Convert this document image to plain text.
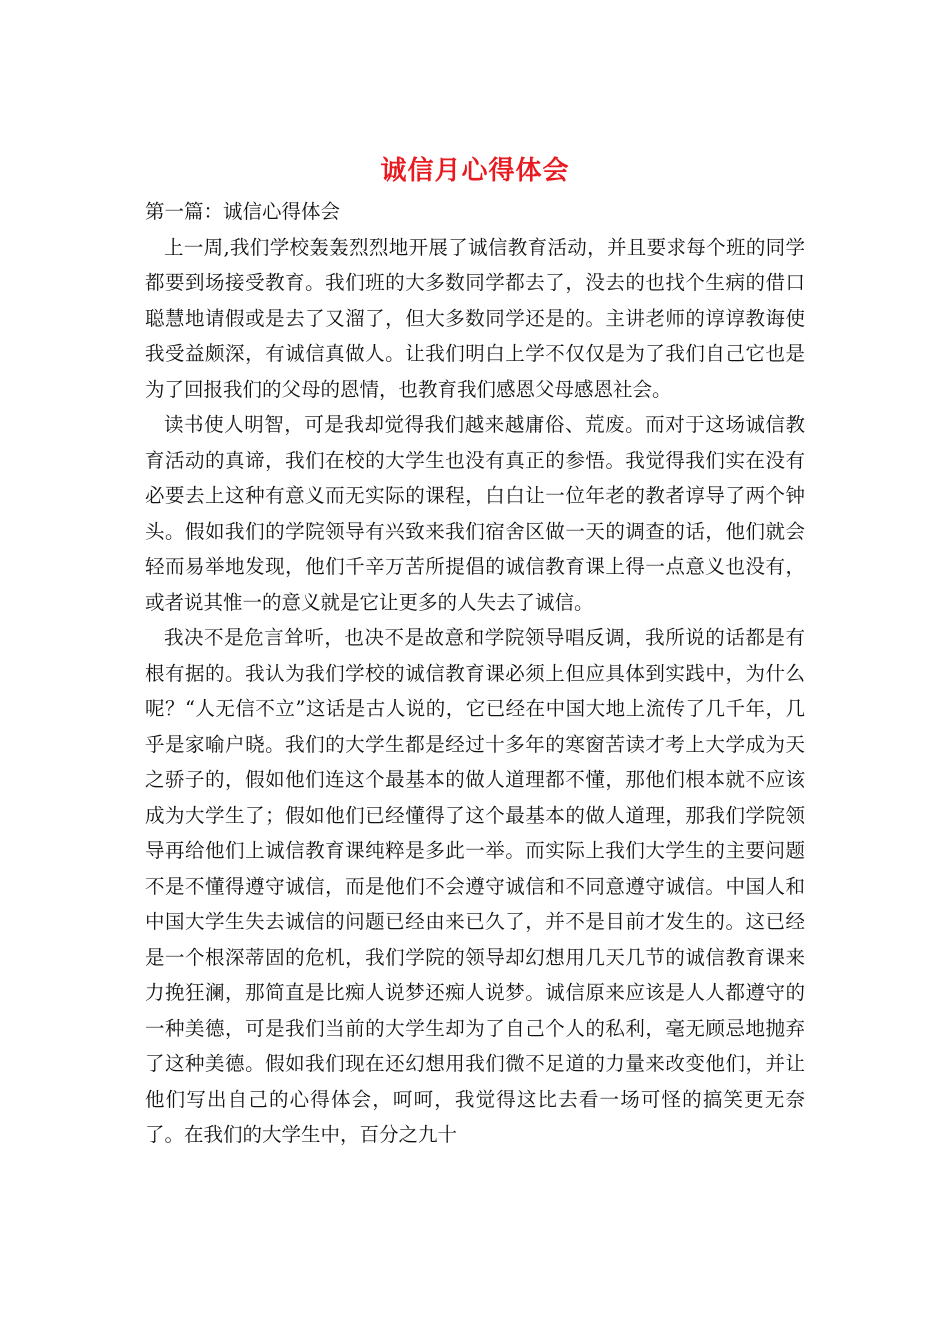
诚信月心得体会

第一篇：诚信心得体会

上一周,我们学校轰轰烈烈地开展了诚信教育活动，并且要求每个班的同学都要到场接受教育。我们班的大多数同学都去了，没去的也找个生病的借口聪慧地请假或是去了又溜了，但大多数同学还是的。主讲老师的谆谆教诲使我受益颇深，有诚信真做人。让我们明白上学不仅仅是为了我们自己它也是为了回报我们的父母的恩情，也教育我们感恩父母感恩社会。

读书使人明智，可是我却觉得我们越来越庸俗、荒废。而对于这场诚信教育活动的真谛，我们在校的大学生也没有真正的参悟。我觉得我们实在没有必要去上这种有意义而无实际的课程，白白让一位年老的教者谆导了两个钟头。假如我们的学院领导有兴致来我们宿舍区做一天的调查的话，他们就会轻而易举地发现，他们千辛万苦所提倡的诚信教育课上得一点意义也没有，或者说其惟一的意义就是它让更多的人失去了诚信。

我决不是危言耸听，也决不是故意和学院领导唱反调，我所说的话都是有根有据的。我认为我们学校的诚信教育课必须上但应具体到实践中，为什么呢？“人无信不立”这话是古人说的，它已经在中国大地上流传了几千年，几乎是家喻户晓。我们的大学生都是经过十多年的寒窗苦读才考上大学成为天之骄子的，假如他们连这个最基本的做人道理都不懂，那他们根本就不应该成为大学生了；假如他们已经懂得了这个最基本的做人道理，那我们学院领导再给他们上诚信教育课纯粹是多此一举。而实际上我们大学生的主要问题不是不懂得遵守诚信，而是他们不会遵守诚信和不同意遵守诚信。中国人和中国大学生失去诚信的问题已经由来已久了，并不是目前才发生的。这已经是一个根深蒂固的危机，我们学院的领导却幻想用几天几节的诚信教育课来力挽狂澜，那简直是比痴人说梦还痴人说梦。诚信原来应该是人人都遵守的一种美德，可是我们当前的大学生却为了自己个人的私利，毫无顾忌地抛弃了这种美德。假如我们现在还幻想用我们微不足道的力量来改变他们，并让他们写出自己的心得体会，呵呵，我觉得这比去看一场可怪的搞笑更无奈了。在我们的大学生中，百分之九十
